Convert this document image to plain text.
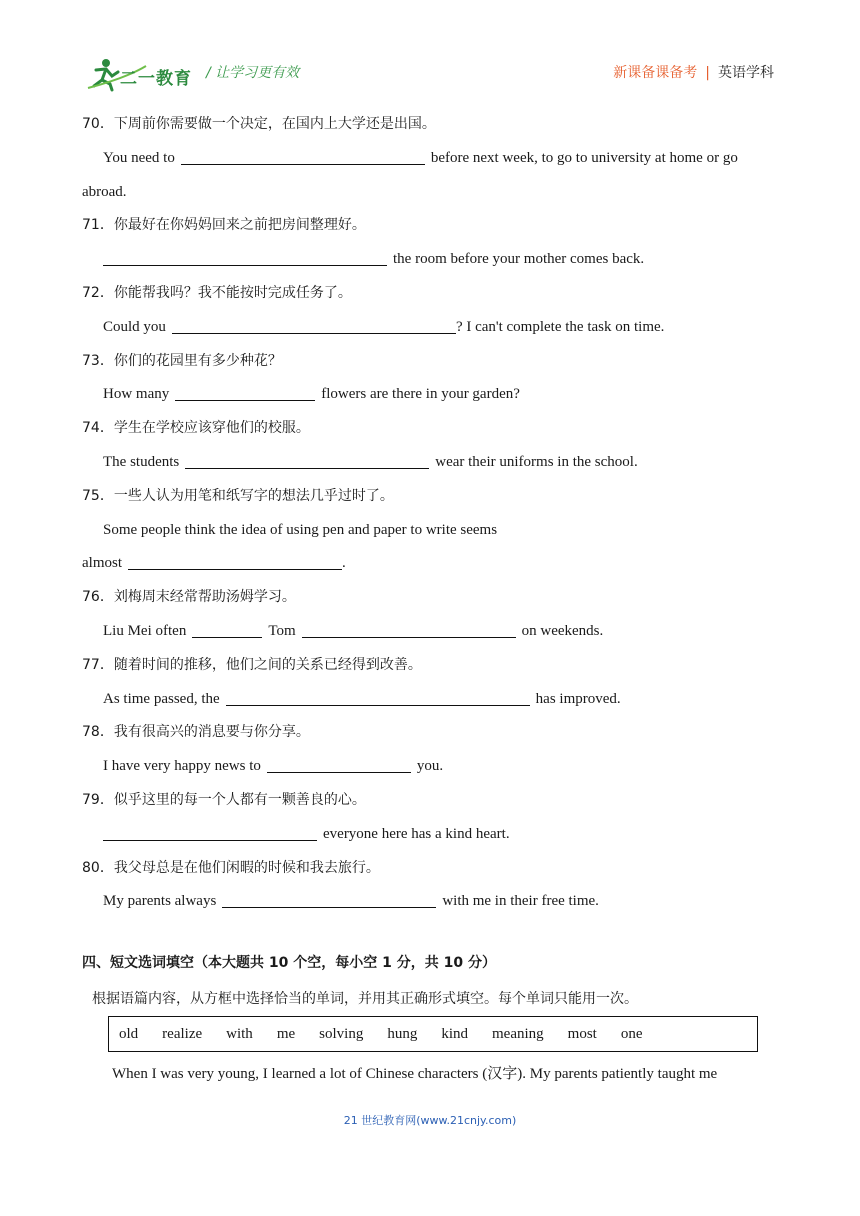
二一教育 / 让学习更有效	新课备课备考 | 英语学科
70．下周前你需要做一个决定，在国内上大学还是出国。
You need to	before next week, to go to university at home or go
abroad.
71．你最好在你妈妈回来之前把房间整理好。
the room before your mother comes back.
72．你能帮我吗？我不能按时完成任务了。
Could you	? I can't complete the task on time.
73．你们的花园里有多少种花？
How many	flowers are there in your garden?
74．学生在学校应该穿他们的校服。
The students	wear their uniforms in the school.
75．一些人认为用笔和纸写字的想法几乎过时了。
Some people think the idea of using pen and paper to write seems
almost	.
76．刘梅周末经常帮助汤姆学习。
Liu Mei often	Tom	on weekends.
77．随着时间的推移，他们之间的关系已经得到改善。
As time passed, the	has improved.
78．我有很高兴的消息要与你分享。
I have very happy news to	you.
79．似乎这里的每一个人都有一颗善良的心。
everyone here has a kind heart.
80．我父母总是在他们闲暇的时候和我去旅行。
My parents always	with me in their free time.
四、短文选词填空（本大题共 10 个空，每小空 1 分，共 10 分）
根据语篇内容，从方框中选择恰当的单词，并用其正确形式填空。每个单词只能用一次。
old realize with me solving hung kind meaning most one
When I was very young, I learned a lot of Chinese characters (汉字). My parents patiently taught me
21 世纪教育网(www.21cnjy.com)
